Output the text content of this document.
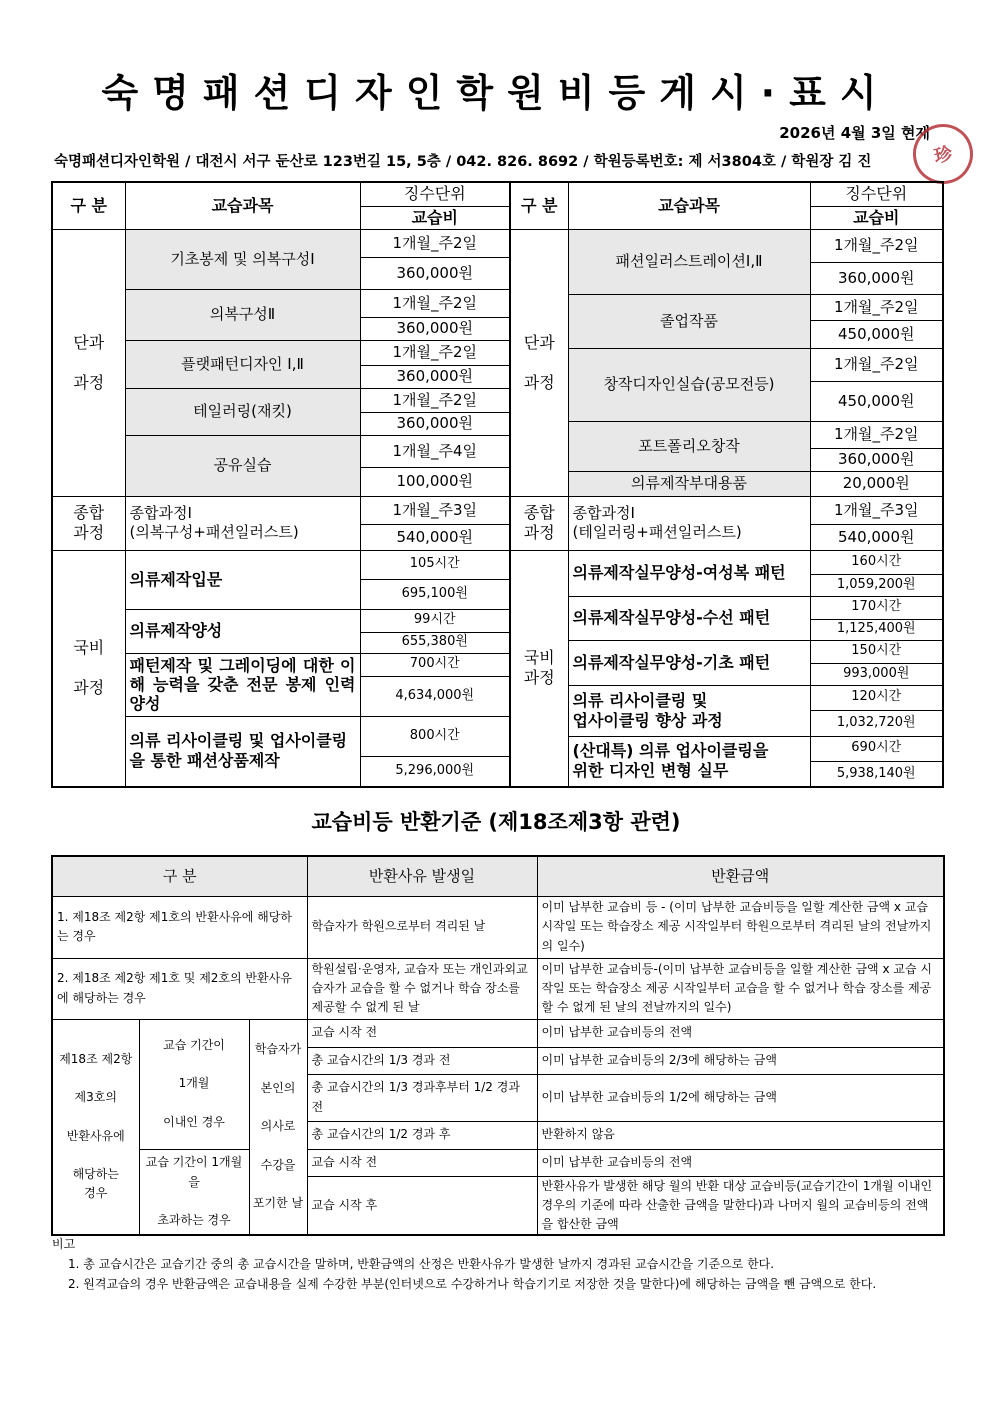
숙명패션디자인학원비등게시·표시
2026년 4월 3일 현재
숙명패션디자인학원 / 대전시 서구 둔산로 123번길 15, 5층 / 042. 826. 8692 / 학원등록번호: 제 서3804호 / 학원장 김 진	珍
구 분	교습과목	징수단위
		교습비
단과

과정	기초봉제 및 의복구성Ⅰ	1개월_주2일
		360,000원
	의복구성Ⅱ	1개월_주2일
		360,000원
	플랫패턴디자인 Ⅰ,Ⅱ	1개월_주2일
		360,000원
	테일러링(재킷)	1개월_주2일
		360,000원
	공유실습	1개월_주4일
		100,000원
종합
과정	종합과정Ⅰ
(의복구성+패션일러스트)	1개월_주3일
		540,000원
국비

과정	의류제작입문	105시간
		695,100원
	의류제작양성	99시간
		655,380원
	패턴제작 및 그레이딩에 대한 이해 능력을 갖춘 전문 봉제 인력 양성	700시간
		4,634,000원
	의류 리사이클링 및 업사이클링을 통한 패션상품제작	800시간
		5,296,000원
구 분	교습과목	징수단위
		교습비
단과

과정	패션일러스트레이션Ⅰ,Ⅱ	1개월_주2일
		360,000원
	졸업작품	1개월_주2일
		450,000원
	창작디자인실습(공모전등)	1개월_주2일
		450,000원
	포트폴리오창작	1개월_주2일
		360,000원
	의류제작부대용품	20,000원
종합
과정	종합과정Ⅰ
(테일러링+패션일러스트)	1개월_주3일
		540,000원
국비
과정	의류제작실무양성-여성복 패턴	160시간
		1,059,200원
	의류제작실무양성-수선 패턴	170시간
		1,125,400원
	의류제작실무양성-기초 패턴	150시간
		993,000원
	의류 리사이클링 및
업사이클링 향상 과정	120시간
		1,032,720원
	(산대특) 의류 업사이클링을
위한 디자인 변형 실무	690시간
		5,938,140원
교습비등 반환기준 (제18조제3항 관련)
구 분			반환사유 발생일	반환금액
1. 제18조 제2항 제1호의 반환사유에 해당하는 경우			학습자가 학원으로부터 격리된 날	이미 납부한 교습비 등 - (이미 납부한 교습비등을 일할 계산한 금액 x 교습 시작일 또는 학습장소 제공 시작일부터 학원으로부터 격리된 날의 전날까지의 일수)
2. 제18조 제2항 제1호 및 제2호의 반환사유에 해당하는 경우			학원설립·운영자, 교습자 또는 개인과외교습자가 교습을 할 수 없거나 학습 장소를 제공할 수 없게 된 날	이미 납부한 교습비등-(이미 납부한 교습비등을 일할 계산한 금액 x 교습 시작일 또는 학습장소 제공 시작일부터 교습을 할 수 없거나 학습 장소를 제공 할 수 없게 된 날의 전날까지의 일수)
제18조 제2항

제3호의

반환사유에

해당하는
경우	교습 기간이

1개월

이내인 경우	학습자가

본인의

의사로

수강을

포기한 날	교습 시작 전	이미 납부한 교습비등의 전액
			총 교습시간의 1/3 경과 전	이미 납부한 교습비등의 2/3에 해당하는 금액
			총 교습시간의 1/3 경과후부터 1/2 경과 전	이미 납부한 교습비등의 1/2에 해당하는 금액
			총 교습시간의 1/2 경과 후	반환하지 않음
	교습 기간이 1개월을

초과하는 경우		교습 시작 전	이미 납부한 교습비등의 전액
			교습 시작 후	반환사유가 발생한 해당 월의 반환 대상 교습비등(교습기간이 1개월 이내인 경우의 기준에 따라 산출한 금액을 말한다)과 나머지 월의 교습비등의 전액을 합산한 금액
비고
1. 총 교습시간은 교습기간 중의 총 교습시간을 말하며, 반환금액의 산정은 반환사유가 발생한 날까지 경과된 교습시간을 기준으로 한다.
2. 원격교습의 경우 반환금액은 교습내용을 실제 수강한 부분(인터넷으로 수강하거나 학습기기로 저장한 것을 말한다)에 해당하는 금액을 뺀 금액으로 한다.
